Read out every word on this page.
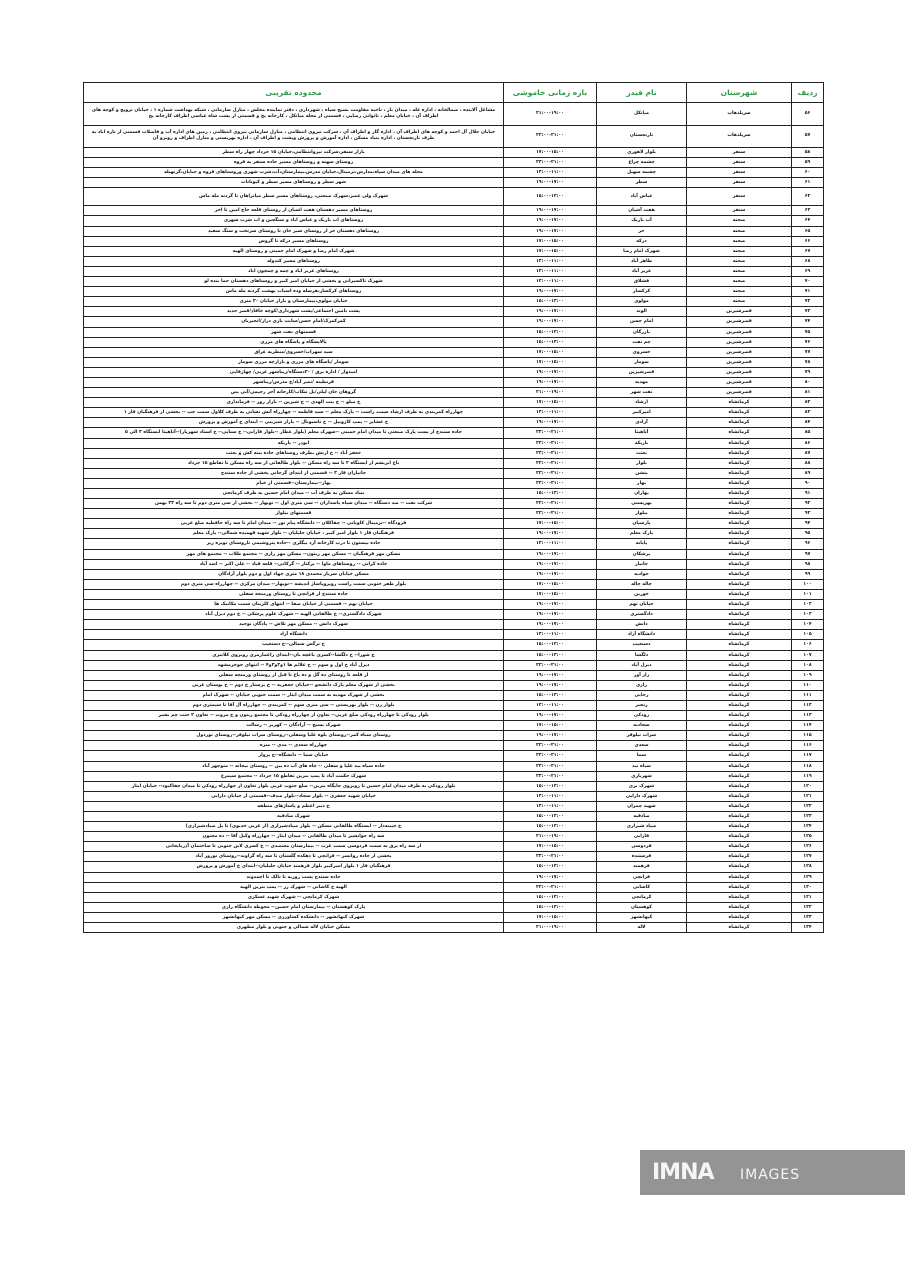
ردیف	شهرستان	نام فیدر	بازه زمانی خاموشی	محدوده تقریبی
۵۶	سرپلذهاب	میانکل	۲۱:۰۰-۱۹:۰۰	مشاغل آلاینده ، ضمالخانه ، اداره غله ، میدان بار ، ناحیه مقاومت بسیج سپاه ، شهرداری ، دفتر نماینده مجلس ، منازل سازمانی ، شبکه بهداشت شماره ۱ ، خیابان نرویج و کوچه های اطراف آن ، خیابان معلم ، ناتوانی رضایی ، قسمتی از محله میانکل ، کارخانه یخ و قسمتی از پشت شاه عباسی اطراف کارخانه یخ
۵۷	سرپلذهاب	نارنجستان	۲۳:۰۰-۲۱:۰۰	خیابان جلال آل احمد و کوچه های اطراف آن ، اداره گاز و اطراف آن ، شرکت نیروی انتظامی ، منازل سازمانی نیروی انتظامی ، زمین های اداره آب و فاضلاب قسمتی از تازه اباد به طرف نارنجستان ، اداره بنیاد مسکن ، اداره آموزش و پرورش وپشت و اطراف آن ، اداره بهزیستی و منازل اطراف و روبرو آن
۵۸	سنقر	بلوار لاهوری	۱۷:۰۰-۱۵:۰۰	بازار سنقر،شرکت نیروانتظامی،خیابان ۱۵ خرداد چهار راه سطر
۵۹	سنقر	چشمه چراغ	۲۳:۰۰-۲۱:۰۰	روستای سهنه و روستاهای مسیر جاده سنقر به فروه
۶۰	سنقر	چشمه سهیل	۱۳:۰۰-۱۱:۰۰	محله های میدان سپاه،مدارس،ترمینال،خیابان مدرس،بیمارستان،آب،شرب شهری وروستاهای فروه و خیابان،گزنهیله
۶۱	سنقر	سطر	۱۹:۰۰-۱۷:۰۰	شهر سطر و روستاهای مسیر سطر و کیوتانات
۶۲	سنقر	عباس آباد	۱۵:۰۰-۱۳:۰۰	شهرک ولی عصر،شهرک صنعتی، روستاهای مسیر سطر میانراهان تا گردنه ملة ماس
۶۳	سنقر	هفت آشیان	۱۹:۰۰-۱۷:۰۰	روستاهای مسیر دهستان هفت اشیان از روستای قلعه حاج امین تا اخر
۶۴	صحنه	آب باریک	۱۹:۰۰-۱۷:۰۰	روستاهای اب باریک و عباس اباد و سنگچین و اب شرب شهری
۶۵	صحنه	حر	۱۹:۰۰-۱۷:۰۰	روستاهای دهستان حر از روستای شیر خان تا روستای سرنخت و سنگ سفید
۶۶	صحنه	درکه	۱۷:۰۰-۱۵:۰۰	روستاهای مسیر درکه تا گروس
۶۷	صحنه	شهرک امام رضا	۱۷:۰۰-۱۵:۰۰	شهرک امام رضا و شهرک امام خمینی و روستای الهیه
۶۸	صحنه	طاهر آباد	۱۳:۰۰-۱۱:۰۰	روستاهای مسیر کندوله
۶۹	صحنه	عزیز آباد	۱۳:۰۰-۱۱:۰۰	روستاهای عزیز اباد و چمه و چمچون اباد
۷۰	صحنه	فشلاق	۱۳:۰۰-۱۱:۰۰	شهرک تاکسیرانی و بخشی از خیابان امیر کبیر و روستاهای دهستان خما بنده لو
۷۱	صحنه	کرکسار	۱۹:۰۰-۱۷:۰۰	روستاهای کرکسار،هرسله وده اسیاب بهشت گردنه مله ماس
۷۲	صحنه	مولوی	۱۵:۰۰-۱۳:۰۰	خیابان مولوی،بیمارستان و بازار خیابان ۳۰ متری
۷۳	قصرشیرین	الوند	۱۹:۰۰-۱۷:۰۰	پشت تامین اجتماعی/پشت شهرداری/کوچه خافاذ/قصر جدید
۷۴	قصرشیرین	امام حسن	۱۹:۰۰-۱۷:۰۰	کمرکمرک/امام حسن/سایت بازی درار/انجیربان
۷۵	قصرشیرین	بازرگان	۱۵:۰۰-۱۳:۰۰	قسمتهای نفت شهر
۷۶	قصرشیرین	چم نفت	۱۵:۰۰-۱۳:۰۰	پالایشگاه و پاسگاه های مرزی
۷۷	قصرشیرین	خسروی	۱۷:۰۰-۱۵:۰۰	سید سهراب/خسروی/منظریه عراق
۷۸	قصرشیرین	سومار	۱۷:۰۰-۱۵:۰۰	سومار /پاسگاه های مرزی و بازارچه مرزی سومار
۷۹	قصرشیرین	قصرشیرین	۱۹:۰۰-۱۷:۰۰	امیدوار / اداره برق / ۳۰دستگاه/زیباشهر غربی/ چهارقاپی
۸۰	قصرشیرین	مهدیه	۱۹:۰۰-۱۷:۰۰	قرنطینه /نصر آباد/خ مدرس/زیباشهر
۸۱	قصرشیرین	نفت شهر	۲۱:۰۰-۱۹:۰۰	گروهان خان لیلی/پل تنکاب/کارخانه آجر رحیمی/آبی پص
۸۲	کرمانشاه	ارشاد	۱۷:۰۰-۱۵:۰۰	خ میلو -- خ بنت الهدی -- خ شیرین -- بازار روز -- فرمانداری
۸۳	کرمانشاه	امیرکبیر	۱۳:۰۰-۱۱:۰۰	چهارراه کمربندی به طرف ارشاد سمت راست -- پارک معلم -- سید فاطمه -- چهارراه آتش نشانی به طرف کلاول سمت چپ -- بخشی از فرهنگیان فاز ۱
۸۴	کرمانشاه	آزادی	۱۹:۰۰-۱۷:۰۰	خ عشایر -- پمپ کازوییل -- خ تاسیونال -- بازار شیرینی -- ابتدای خ آموزش و پرورش
۸۵	کرمانشاه	آناهیتا	۲۳:۰۰-۲۱:۰۰	جاده سنندج از پست پارک صنعتی تا میدان امام خمینی --شهرک معلم (بلوار عطار --بلوار فارابی-- خ سنایی-- خ استاد شهریار)--آناهیتا ایستگاه ۳ الی ۵
۸۶	کرمانشاه	باریکه	۲۳:۰۰-۲۱:۰۰	ابوذر -- باریکه
۸۷	کرمانشاه	بعثت	۲۳:۰۰-۲۱:۰۰	جعفر آباد -- خ ارتش بطرف روستاهای جاده بنته کش و بعثت
۸۸	کرمانشاه	بلوار	۲۳:۰۰-۲۱:۰۰	باغ ابریشم از ایستگاه ۲ تا سه راه مسکن -- بلوار طالقانی از سه راه مسکن تا تقاطع ۱۵ خرداد
۸۹	کرمانشاه	بنشن	۲۳:۰۰-۲۱:۰۰	جانبازان فاز ۳ -- قسمتی از ابتدای گرجانی بخشی از جاده سنندج
۹۰	کرمانشاه	بهار	۲۳:۰۰-۲۱:۰۰	بهار--بیمارستان--قسمتی از خیام
۹۱	کرمانشاه	بهاران	۱۵:۰۰-۱۳:۰۰	بنیاد مسکن به طرف آب -- میدان امام حسین به طرف کرمانجی
۹۲	کرمانشاه	بهزیستی	۲۳:۰۰-۲۱:۰۰	شرکت نفت -- صد دستگاه -- میدان سپاه پاسداران -- سی متری اول -- نوبهار -- بخشی از سی متری دوم تا سه راه ۲۲ بهمن
۹۳	کرمانشاه	بیلوار	۲۳:۰۰-۲۱:۰۰	قسمتهای بیلوار
۹۴	کرمانشاه	پارسیان	۱۷:۰۰-۱۵:۰۰	فرودگاه --ترمینال کاویانی -- چقاکلان -- دانشگاه پیام نور -- میدان امام تا سه راه حافظیه ضلع غربی
۹۵	کرمانشاه	پارک معلم	۱۹:۰۰-۱۷:۰۰	فرهنگیان فاز ۱ بلوار امیر کبیر ، خیابان جلیلیان -- بلوار شهید فهمیده شمالی-- پارک معلم
۹۶	کرمانشاه	پایانه	۱۳:۰۰-۱۱:۰۰	جاده بیستون تا درب کارخانه آرد بیگلری --جاده پتروشیمی تاروستای نوبره ریز
۹۷	کرمانشاه	پزشکان	۱۹:۰۰-۱۷:۰۰	مسکن مهر فرهنگیان -- مسکن مهر زیتون-- مسکن مهر رازی -- مجتمع طلاب -- مجتمع های مهر
۹۸	کرمانشاه	جانباز	۱۹:۰۰-۱۷:۰۰	جاده کرانی -- روستاهای ماوا -- برکنار -- گرکانی-- قلعه قباد -- علی اکبر -- اسد آباد
۹۹	کرمانشاه	جوادیه	۱۹:۰۰-۱۷:۰۰	مسکن خیابان سرباز محمدی ۱۸ متری جهاد اول و دوم بلوار آزادگان
۱۰۰	کرمانشاه	چاله چاله	۱۷:۰۰-۱۵:۰۰	بلوار ظفر جنوبی سمت راست روبروپاساژ اندیشه --نوبهار-- میدان مرکزی -- چهارراه سی متری دوم
۱۰۱	کرمانشاه	خورین	۱۷:۰۰-۱۵:۰۰	جاده سنندج از فرانچی تا روستای ورمنجه سفلی
۱۰۲	کرمانشاه	خیابان نهم	۱۹:۰۰-۱۷:۰۰	خیابان نهم -- قسمتی از خیابان صفا -- انتهای کلرینان سمت مکانیک ها
۱۰۳	کرمانشاه	دادگستری	۱۹:۰۰-۱۷:۰۰	شهرک دادگستری-- خ طالقانی الهیه -- شهرک علوم پزشکی -- خ دوم دیزل آباد
۱۰۴	کرمانشاه	دانش	۱۹:۰۰-۱۷:۰۰	شهرک دانش -- مسکن مهر تلاش -- پادگان توحید
۱۰۵	کرمانشاه	دانشگاه آزاد	۱۳:۰۰-۱۱:۰۰	دانشگاه آزاد
۱۰۶	کرمانشاه	دستغیب	۱۵:۰۰-۱۳:۰۰	خ نرگس شمالی--خ دستغیب
۱۰۷	کرمانشاه	دلگشا	۱۵:۰۰-۱۳:۰۰	خ شورا-- خ دلگشا--کسری باغچه بان--ابتدای زاغمارمری روبروی کلانتری
۱۰۸	کرمانشاه	دیزل آباد	۲۳:۰۰-۲۱:۰۰	دیزل آباد خ اول و سوم -- خ علائم ها ۱و۲و۳و۴ -- انتهای جوخرمشهد
۱۰۹	کرمانشاه	راز آور	۱۹:۰۰-۱۷:۰۰	از قلعه تا روستای ده گل و ده باغ تا قبل از روستای ورمنجه سفلی
۱۱۰	کرمانشاه	رازی	۱۹:۰۰-۱۷:۰۰	بخشی از شهرک معلم پارک دانشجو --خیابان جعفریه -- خ پرستار خ دوم -- خ بوستان غربی
۱۱۱	کرمانشاه	رجایی	۱۵:۰۰-۱۳:۰۰	بخشی از شهرک مهدیه به سمت میدان ایثار -- سمت جنوبی خیابان -- شهرک امام
۱۱۲	کرمانشاه	رنجبر	۱۳:۰۰-۱۱:۰۰	بلوار زن -- بلوار بهزیستی -- سی متری سوم -- کمربندی -- چهارراه آل آقا تا سیمتری دوم
۱۱۳	کرمانشاه	رودکی	۱۹:۰۰-۱۷:۰۰	بلوار رودکی تا چهارراه رودکی ضلع غربی-- تعاون از چهارراه رودکی تا مجتمع زیتون و خ مروت -- تعاون ۲ جنب چم بشیر
۱۱۴	کرمانشاه	سجادیه	۱۷:۰۰-۱۵:۰۰	شهرک بسیج -- آزادگان -- کهریز -- رسالت
۱۱۵	کرمانشاه	سراب نیلوفر	۱۹:۰۰-۱۷:۰۰	روستای سیاه کمر--روستای بلوه علیا وسفلی--روستای سراب نیلوفر--روستای نوردول
۱۱۶	کرمانشاه	سعدی	۲۳:۰۰-۲۱:۰۰	چهارراه سعدی -- مدی -- منزه
۱۱۷	کرمانشاه	سما	۲۳:۰۰-۲۱:۰۰	خیابان سما -- دانشگاه--خ پرواز
۱۱۸	کرمانشاه	سیاه بید	۲۳:۰۰-۲۱:۰۰	جاده سیاه بید علیا و سفلی -- چاه های آب ده پین -- روستای بیجانه -- منوچهر آباد
۱۱۹	کرمانشاه	شهربازی	۲۳:۰۰-۲۱:۰۰	شهرک حکمت آباد تا پمپ بنزین تقاطع ۱۵ خرداد -- مجتمع سیمرغ
۱۲۰	کرمانشاه	شهرک بری	۱۵:۰۰-۱۳:۰۰	بلوار رودکی به طرف میدان امام حسین تا روبروی جایگاه بنزین-- ضلع جنوب غربی بلوار تعاون از چهارراه رودکی تا میدان چقاکبود-- خیابان ایثار
۱۲۱	کرمانشاه	شهرک دارایی	۱۳:۰۰-۱۱:۰۰	خیابان شهید جعفری -- بلوار سجاد--بلوار صدف--قسمتی از خیابان دارایی
۱۲۲	کرمانشاه	شهید چمران	۱۳:۰۰-۱۱:۰۰	خ دبیر اعظم و پاساژهای منطقه
۱۲۳	کرمانشاه	صادقیه	۱۵:۰۰-۱۳:۰۰	شهرک صادقیه
۱۲۴	کرمانشاه	صیاد شیرازی	۱۵:۰۰-۱۳:۰۰	خ جیبنه‌دار -- ایستگاه طالقانی مسکن -- بلوار صیادشیرازی (از غربی خدیوی) تا پل صیادشیرازی)
۱۲۵	کرمانشاه	فارابی	۲۱:۰۰-۱۹:۰۰	سه راه جوانشیر تا میدان طالقانی -- میدان ایثار -- چهارراه وکیل آقا -- ده مجنون
۱۲۶	کرمانشاه	فردوسی	۱۷:۰۰-۱۵:۰۰	از سه راه برق به سمت فردوسی سمت غرب -- بیمارستان معتضدی -- خ کسری لاین جنوبی تا ساختمان آذربایجانی
۱۲۷	کرمانشاه	فرستنده	۲۳:۰۰-۲۱:۰۰	بخشی از جاده روانسر -- فرانچی تا دهکده گلستان تا سه راه گراوند--روستای نوروز آباد
۱۲۸	کرمانشاه	فرهمند	۱۵:۰۰-۱۳:۰۰	فرهنگیان فاز ۱ بلوار امیرکبیر بلوار فرهمند خیابان جلیلیان--ابتدای خ آموزش و پرورش
۱۲۹	کرمانشاه	فرانچی	۱۹:۰۰-۱۷:۰۰	جاده سنندج پست روزبه تا نالک تا احمدوند
۱۳۰	کرمانشاه	کاشانی	۲۳:۰۰-۲۱:۰۰	الهیه خ کاشانی -- شهرک رز -- پمپ بنزین الهیه
۱۳۱	کرمانشاه	کرمانجی	۱۵:۰۰-۱۳:۰۰	شهرک کرمانجی -- شهرک شهید عسکری
۱۳۲	کرمانشاه	کوهستان	۱۵:۰۰-۱۳:۰۰	پارک کوهستان -- بیمارستان امام حسین-- محوطه دانشگاه رازی
۱۳۳	کرمانشاه	کیهانشهر	۱۷:۰۰-۱۵:۰۰	شهرک کیهانشهر -- دانشکده کشاورزی -- مسکن مهر کیهانشهر
۱۳۴	کرمانشاه	لاله	۲۱:۰۰-۱۹:۰۰	مسکن خیابان لاله شمالی و جنوبی و بلوار مطهری
IMNA IMAGES
